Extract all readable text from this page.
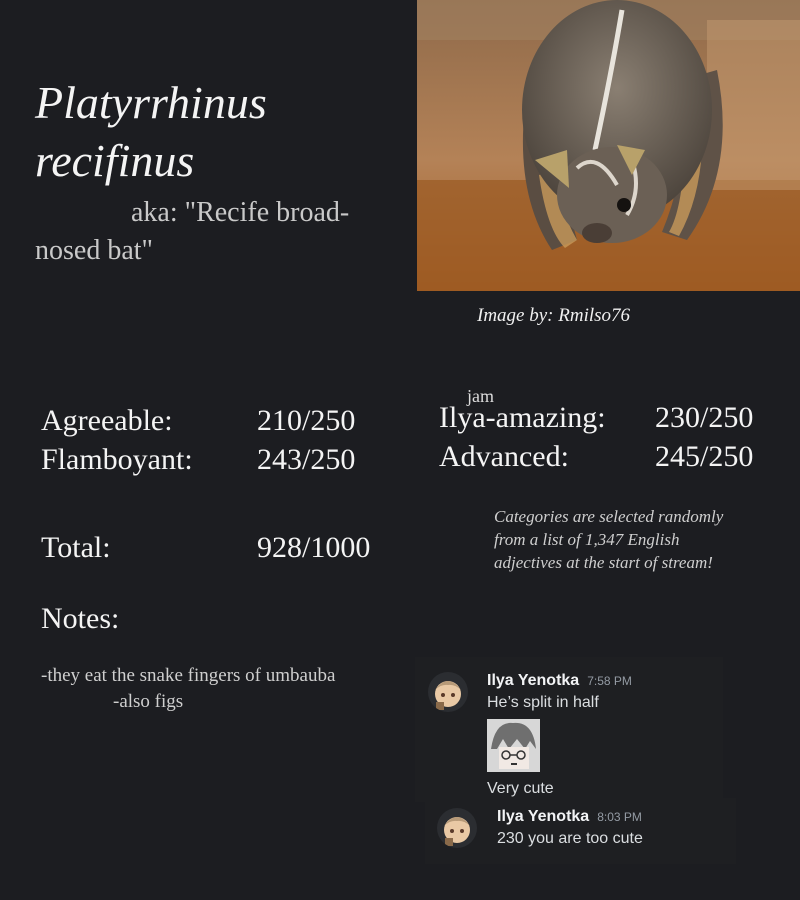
Platyrrhinus
recifinus
aka: "Recife broad-nosed bat"
Image by: Rmilso76
Agreeable:	210/250
Flamboyant: 243/250
jam
Ilya-amazing: 230/250
Advanced:	245/250
Total:	928/1000
Categories are selected randomly
from a list of 1,347 English
adjectives at the start of stream!
Notes:
-they eat the snake fingers of umbauba
-also figs
Ilya Yenotka 7:58 PM
He’s split in half
Very cute
Ilya Yenotka 8:03 PM
230 you are too cute
